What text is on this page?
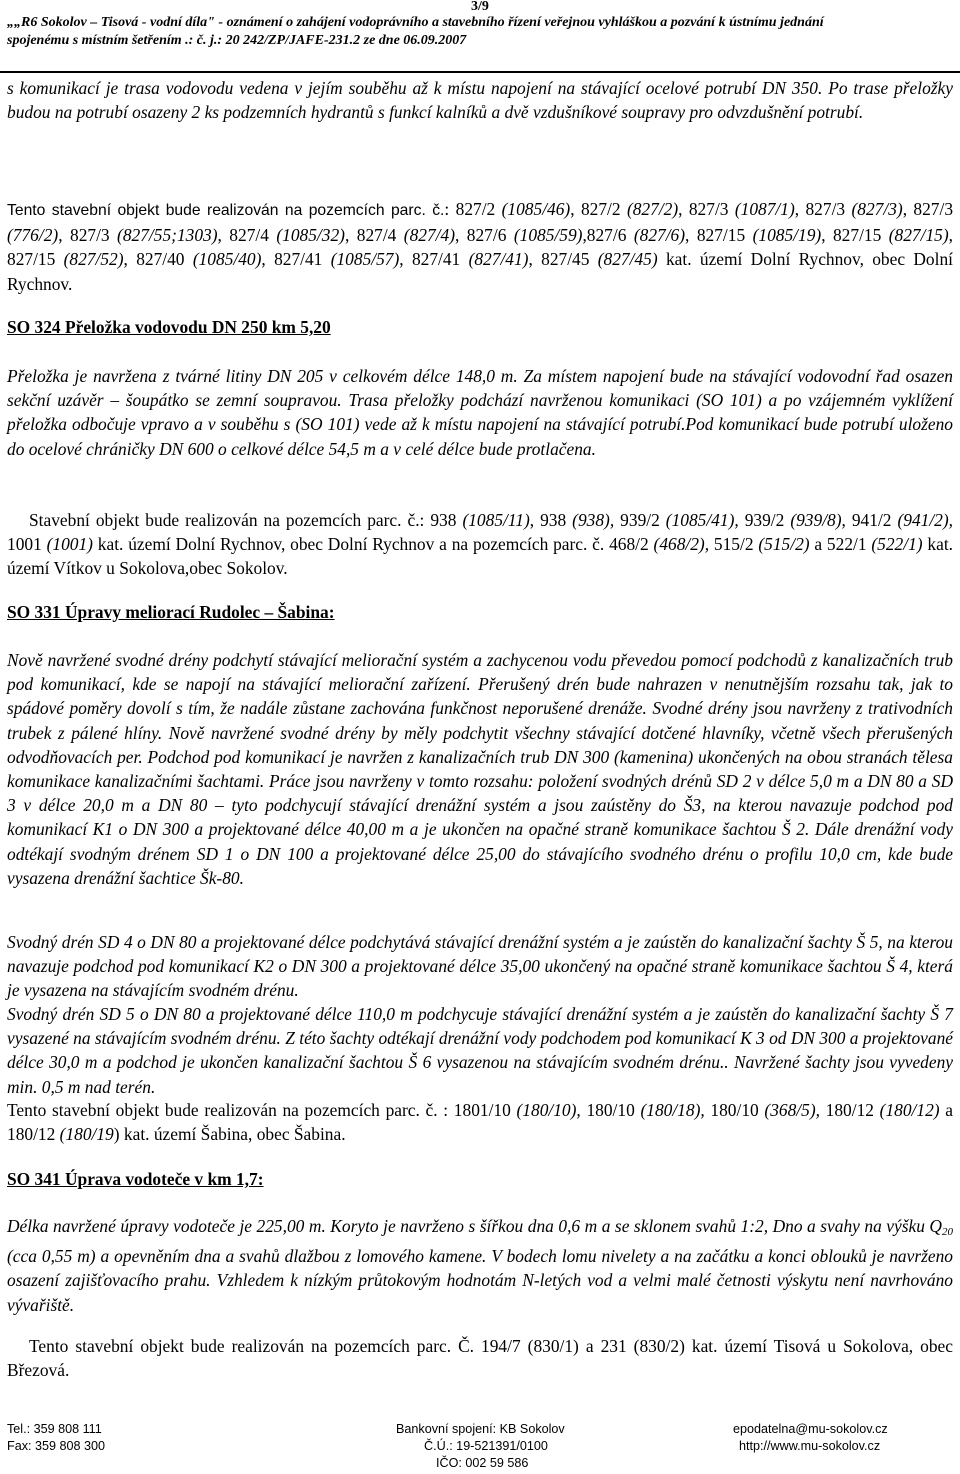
3/9
„„R6 Sokolov – Tisová - vodní díla" - oznámení o zahájení vodoprávního a stavebního řízení veřejnou vyhláškou a pozvání k ústnímu jednání
spojenému s místním šetřením .: č. j.: 20 242/ZP/JAFE-231.2 ze dne 06.09.2007
s komunikací je trasa vodovodu vedena v jejím souběhu až k místu napojení na stávající ocelové potrubí DN 350. Po trase přeložky budou na potrubí osazeny 2 ks podzemních hydrantů s funkcí kalníků a dvě vzdušníkové soupravy pro odvzdušnění potrubí.
Tento stavební objekt bude realizován na pozemcích parc. č.: 827/2 (1085/46), 827/2 (827/2), 827/3 (1087/1), 827/3 (827/3), 827/3 (776/2), 827/3 (827/55;1303), 827/4 (1085/32), 827/4 (827/4), 827/6 (1085/59),827/6 (827/6), 827/15 (1085/19), 827/15 (827/15), 827/15 (827/52), 827/40 (1085/40), 827/41 (1085/57), 827/41 (827/41), 827/45 (827/45) kat. území Dolní Rychnov, obec Dolní Rychnov.
SO 324 Přeložka vodovodu DN 250 km 5,20
Přeložka je navržena z tvárné litiny DN 205 v celkovém délce 148,0 m. Za místem napojení bude na stávající vodovodní řad osazen sekční uzávěr – šoupátko se zemní soupravou. Trasa přeložky podchází navrženou komunikaci (SO 101) a po vzájemném vyklížení přeložka odbočuje vpravo a v souběhu s (SO 101) vede až k místu napojení na stávající potrubí.Pod komunikací bude potrubí uloženo do ocelové chráničky DN 600 o celkové délce 54,5 m a v celé délce bude protlačena.
Stavební objekt bude realizován na pozemcích parc. č.: 938 (1085/11), 938 (938), 939/2 (1085/41), 939/2 (939/8), 941/2 (941/2), 1001 (1001) kat. území Dolní Rychnov, obec Dolní Rychnov a na pozemcích parc. č. 468/2 (468/2), 515/2 (515/2) a 522/1 (522/1) kat. území Vítkov u Sokolova,obec Sokolov.
SO 331 Úpravy meliorací Rudolec – Šabina:
Nově navržené svodné drény podchytí stávající meliorační systém a zachycenou vodu převedou pomocí podchodů z kanalizačních trub pod komunikací, kde se napojí na stávající meliorační zařízení. Přerušený drén bude nahrazen v nenutnějším rozsahu tak, jak to spádové poměry dovolí s tím, že nadále zůstane zachována funkčnost neporušené drenáže. Svodné drény jsou navrženy z trativodních trubek z pálené hlíny. Nově navržené svodné drény by měly podchytit všechny stávající dotčené hlavníky, včetně všech přerušených odvodňovacích per. Podchod pod komunikací je navržen z kanalizačních trub DN 300 (kamenina) ukončených na obou stranách tělesa komunikace kanalizačními šachtami. Práce jsou navrženy v tomto rozsahu: položení svodných drénů SD 2 v délce 5,0 m a DN 80 a SD 3 v délce 20,0 m a DN 80 – tyto podchycují stávající drenážní systém a jsou zaústěny do Š3, na kterou navazuje podchod pod komunikací K1 o DN 300 a projektované délce 40,00 m a je ukončen na opačné straně komunikace šachtou Š 2. Dále drenážní vody odtékají svodným drénem SD 1 o DN 100 a projektované délce 25,00 do stávajícího svodného drénu o profilu 10,0 cm, kde bude vysazena drenážní šachtice Šk-80.
Svodný drén SD 4 o DN 80 a projektované délce podchytává stávající drenážní systém a je zaústěn do kanalizační šachty Š 5, na kterou navazuje podchod pod komunikací K2 o DN 300 a projektované délce 35,00 ukončený na opačné straně komunikace šachtou Š 4, která je vysazena na stávajícím svodném drénu.
Svodný drén SD 5 o DN 80 a projektované délce 110,0 m podchycuje stávající drenážní systém a je zaústěn do kanalizační šachty Š 7 vysazené na stávajícím svodném drénu. Z této šachty odtékají drenážní vody podchodem pod komunikací K 3 od DN 300 a projektované délce 30,0 m a podchod je ukončen kanalizační šachtou Š 6 vysazenou na stávajícím svodném drénu.. Navržené šachty jsou vyvedeny min. 0,5 m nad terén.
Tento stavební objekt bude realizován na pozemcích parc. č. : 1801/10 (180/10), 180/10 (180/18), 180/10 (368/5), 180/12 (180/12) a 180/12 (180/19) kat. území Šabina, obec Šabina.
SO 341 Úprava vodoteče v km 1,7:
Délka navržené úpravy vodoteče je 225,00 m. Koryto je navrženo s šířkou dna 0,6 m a se sklonem svahů 1:2, Dno a svahy na výšku $Q_{20}$ (cca 0,55 m) a opevněním dna a svahů dlažbou z lomového kamene. V bodech lomu nivelety a na začátku a konci oblouků je navrženo osazení zajišťovacího prahu. Vzhledem k nízkým průtokovým hodnotám N-letých vod a velmi malé četnosti výskytu není navrhováno vývařiště.
Tento stavební objekt bude realizován na pozemcích parc. Č. 194/7 (830/1) a 231 (830/2) kat. území Tisová u Sokolova, obec Březová.
Tel.: 359 808 111
Fax: 359 808 300
Bankovní spojení: KB Sokolov
Č.Ú.: 19-521391/0100
IČO: 002 59 586
epodatelna@mu-sokolov.cz
http://www.mu-sokolov.cz
